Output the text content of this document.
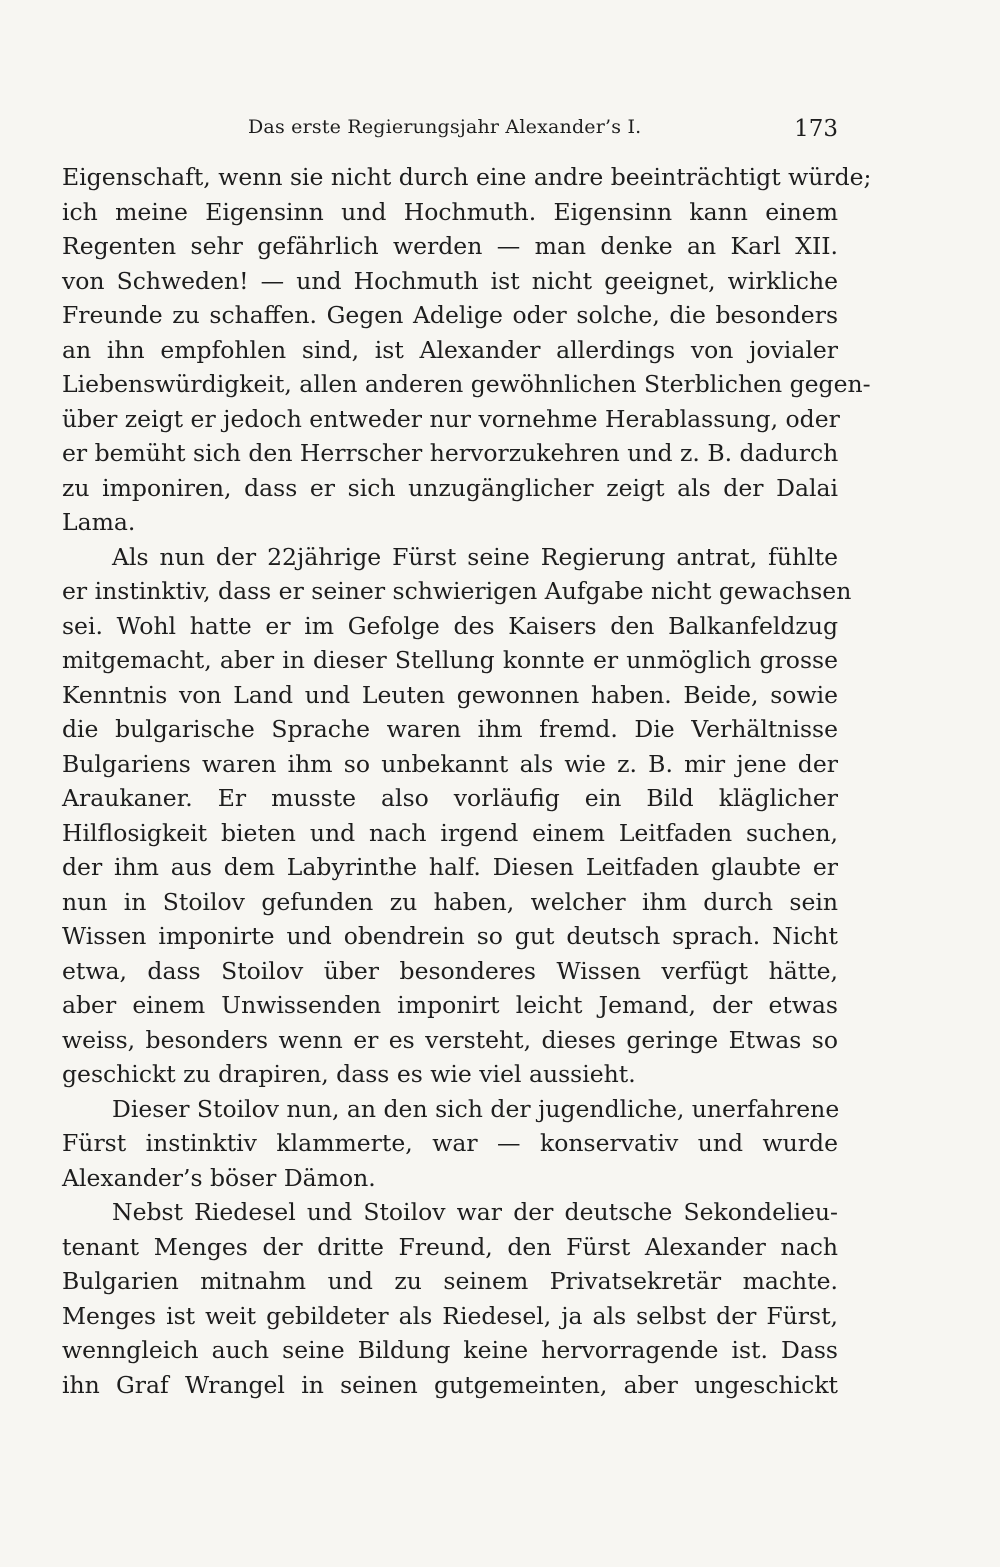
Das erste Regierungsjahr Alexander’s I.	173
Eigenschaft, wenn sie nicht durch eine andre beeinträchtigt würde;
ich meine Eigensinn und Hochmuth. Eigensinn kann einem
Regenten sehr gefährlich werden — man denke an Karl XII.
von Schweden! — und Hochmuth ist nicht geeignet, wirkliche
Freunde zu schaffen. Gegen Adelige oder solche, die besonders
an ihn empfohlen sind, ist Alexander allerdings von jovialer
Liebenswürdigkeit, allen anderen gewöhnlichen Sterblichen gegen-
über zeigt er jedoch entweder nur vornehme Herablassung, oder
er bemüht sich den Herrscher hervorzukehren und z. B. dadurch
zu imponiren, dass er sich unzugänglicher zeigt als der Dalai
Lama.
Als nun der 22jährige Fürst seine Regierung antrat, fühlte
er instinktiv, dass er seiner schwierigen Aufgabe nicht gewachsen
sei. Wohl hatte er im Gefolge des Kaisers den Balkanfeldzug
mitgemacht, aber in dieser Stellung konnte er unmöglich grosse
Kenntnis von Land und Leuten gewonnen haben. Beide, sowie
die bulgarische Sprache waren ihm fremd. Die Verhältnisse
Bulgariens waren ihm so unbekannt als wie z. B. mir jene der
Araukaner. Er musste also vorläufig ein Bild kläglicher
Hilflosigkeit bieten und nach irgend einem Leitfaden suchen,
der ihm aus dem Labyrinthe half. Diesen Leitfaden glaubte er
nun in Stoilov gefunden zu haben, welcher ihm durch sein
Wissen imponirte und obendrein so gut deutsch sprach. Nicht
etwa, dass Stoilov über besonderes Wissen verfügt hätte,
aber einem Unwissenden imponirt leicht Jemand, der etwas
weiss, besonders wenn er es versteht, dieses geringe Etwas so
geschickt zu drapiren, dass es wie viel aussieht.
Dieser Stoilov nun, an den sich der jugendliche, unerfahrene
Fürst instinktiv klammerte, war — konservativ und wurde
Alexander’s böser Dämon.
Nebst Riedesel und Stoilov war der deutsche Sekondelieu-
tenant Menges der dritte Freund, den Fürst Alexander nach
Bulgarien mitnahm und zu seinem Privatsekretär machte.
Menges ist weit gebildeter als Riedesel, ja als selbst der Fürst,
wenngleich auch seine Bildung keine hervorragende ist. Dass
ihn Graf Wrangel in seinen gutgemeinten, aber ungeschickt
